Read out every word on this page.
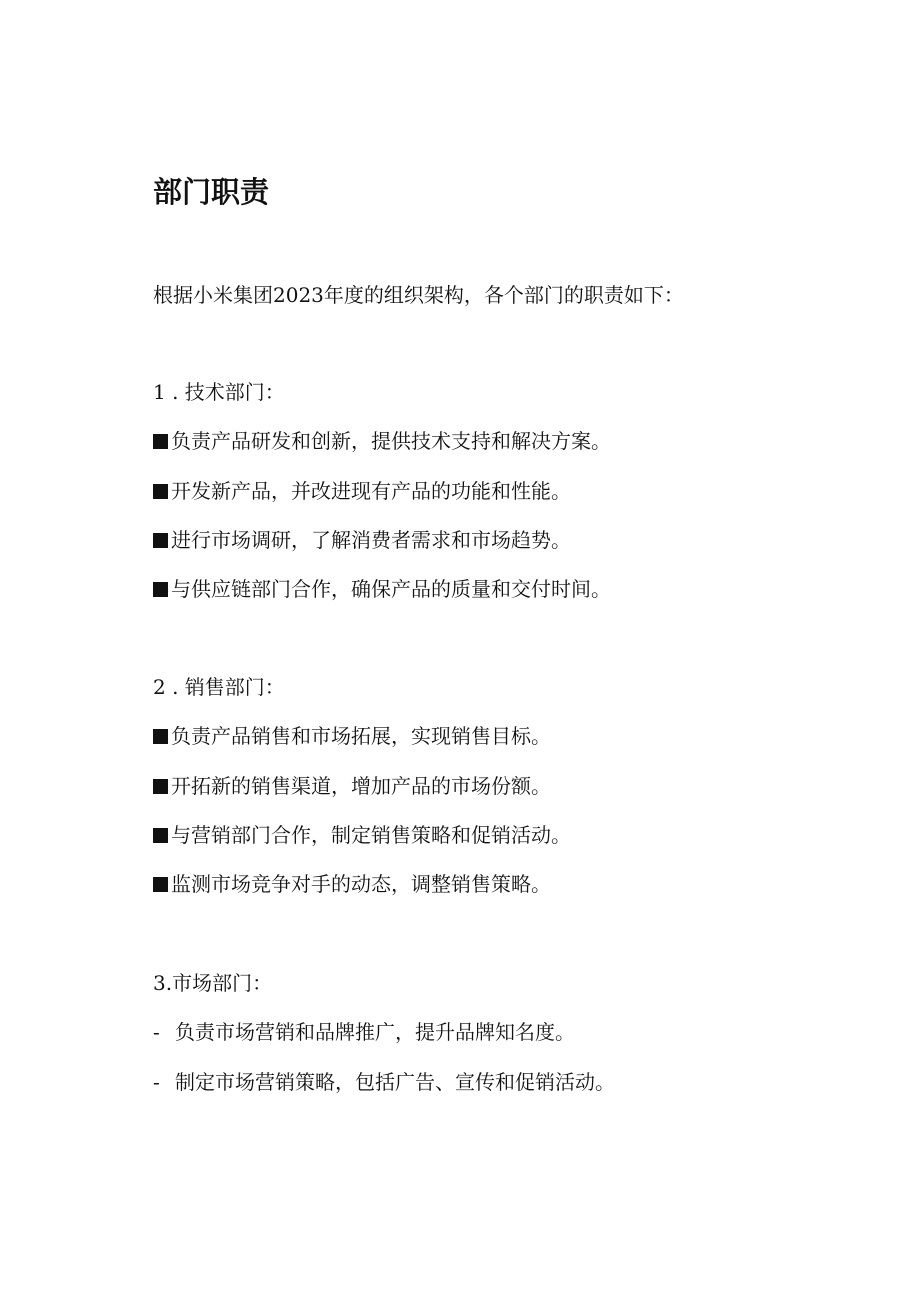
部门职责
根据小米集团2023年度的组织架构，各个部门的职责如下：
1 . 技术部门：
负责产品研发和创新，提供技术支持和解决方案。
开发新产品，并改进现有产品的功能和性能。
进行市场调研，了解消费者需求和市场趋势。
与供应链部门合作，确保产品的质量和交付时间。
2 . 销售部门：
负责产品销售和市场拓展，实现销售目标。
开拓新的销售渠道，增加产品的市场份额。
与营销部门合作，制定销售策略和促销活动。
监测市场竞争对手的动态，调整销售策略。
3.市场部门：
- 负责市场营销和品牌推广，提升品牌知名度。
- 制定市场营销策略，包括广告、宣传和促销活动。
